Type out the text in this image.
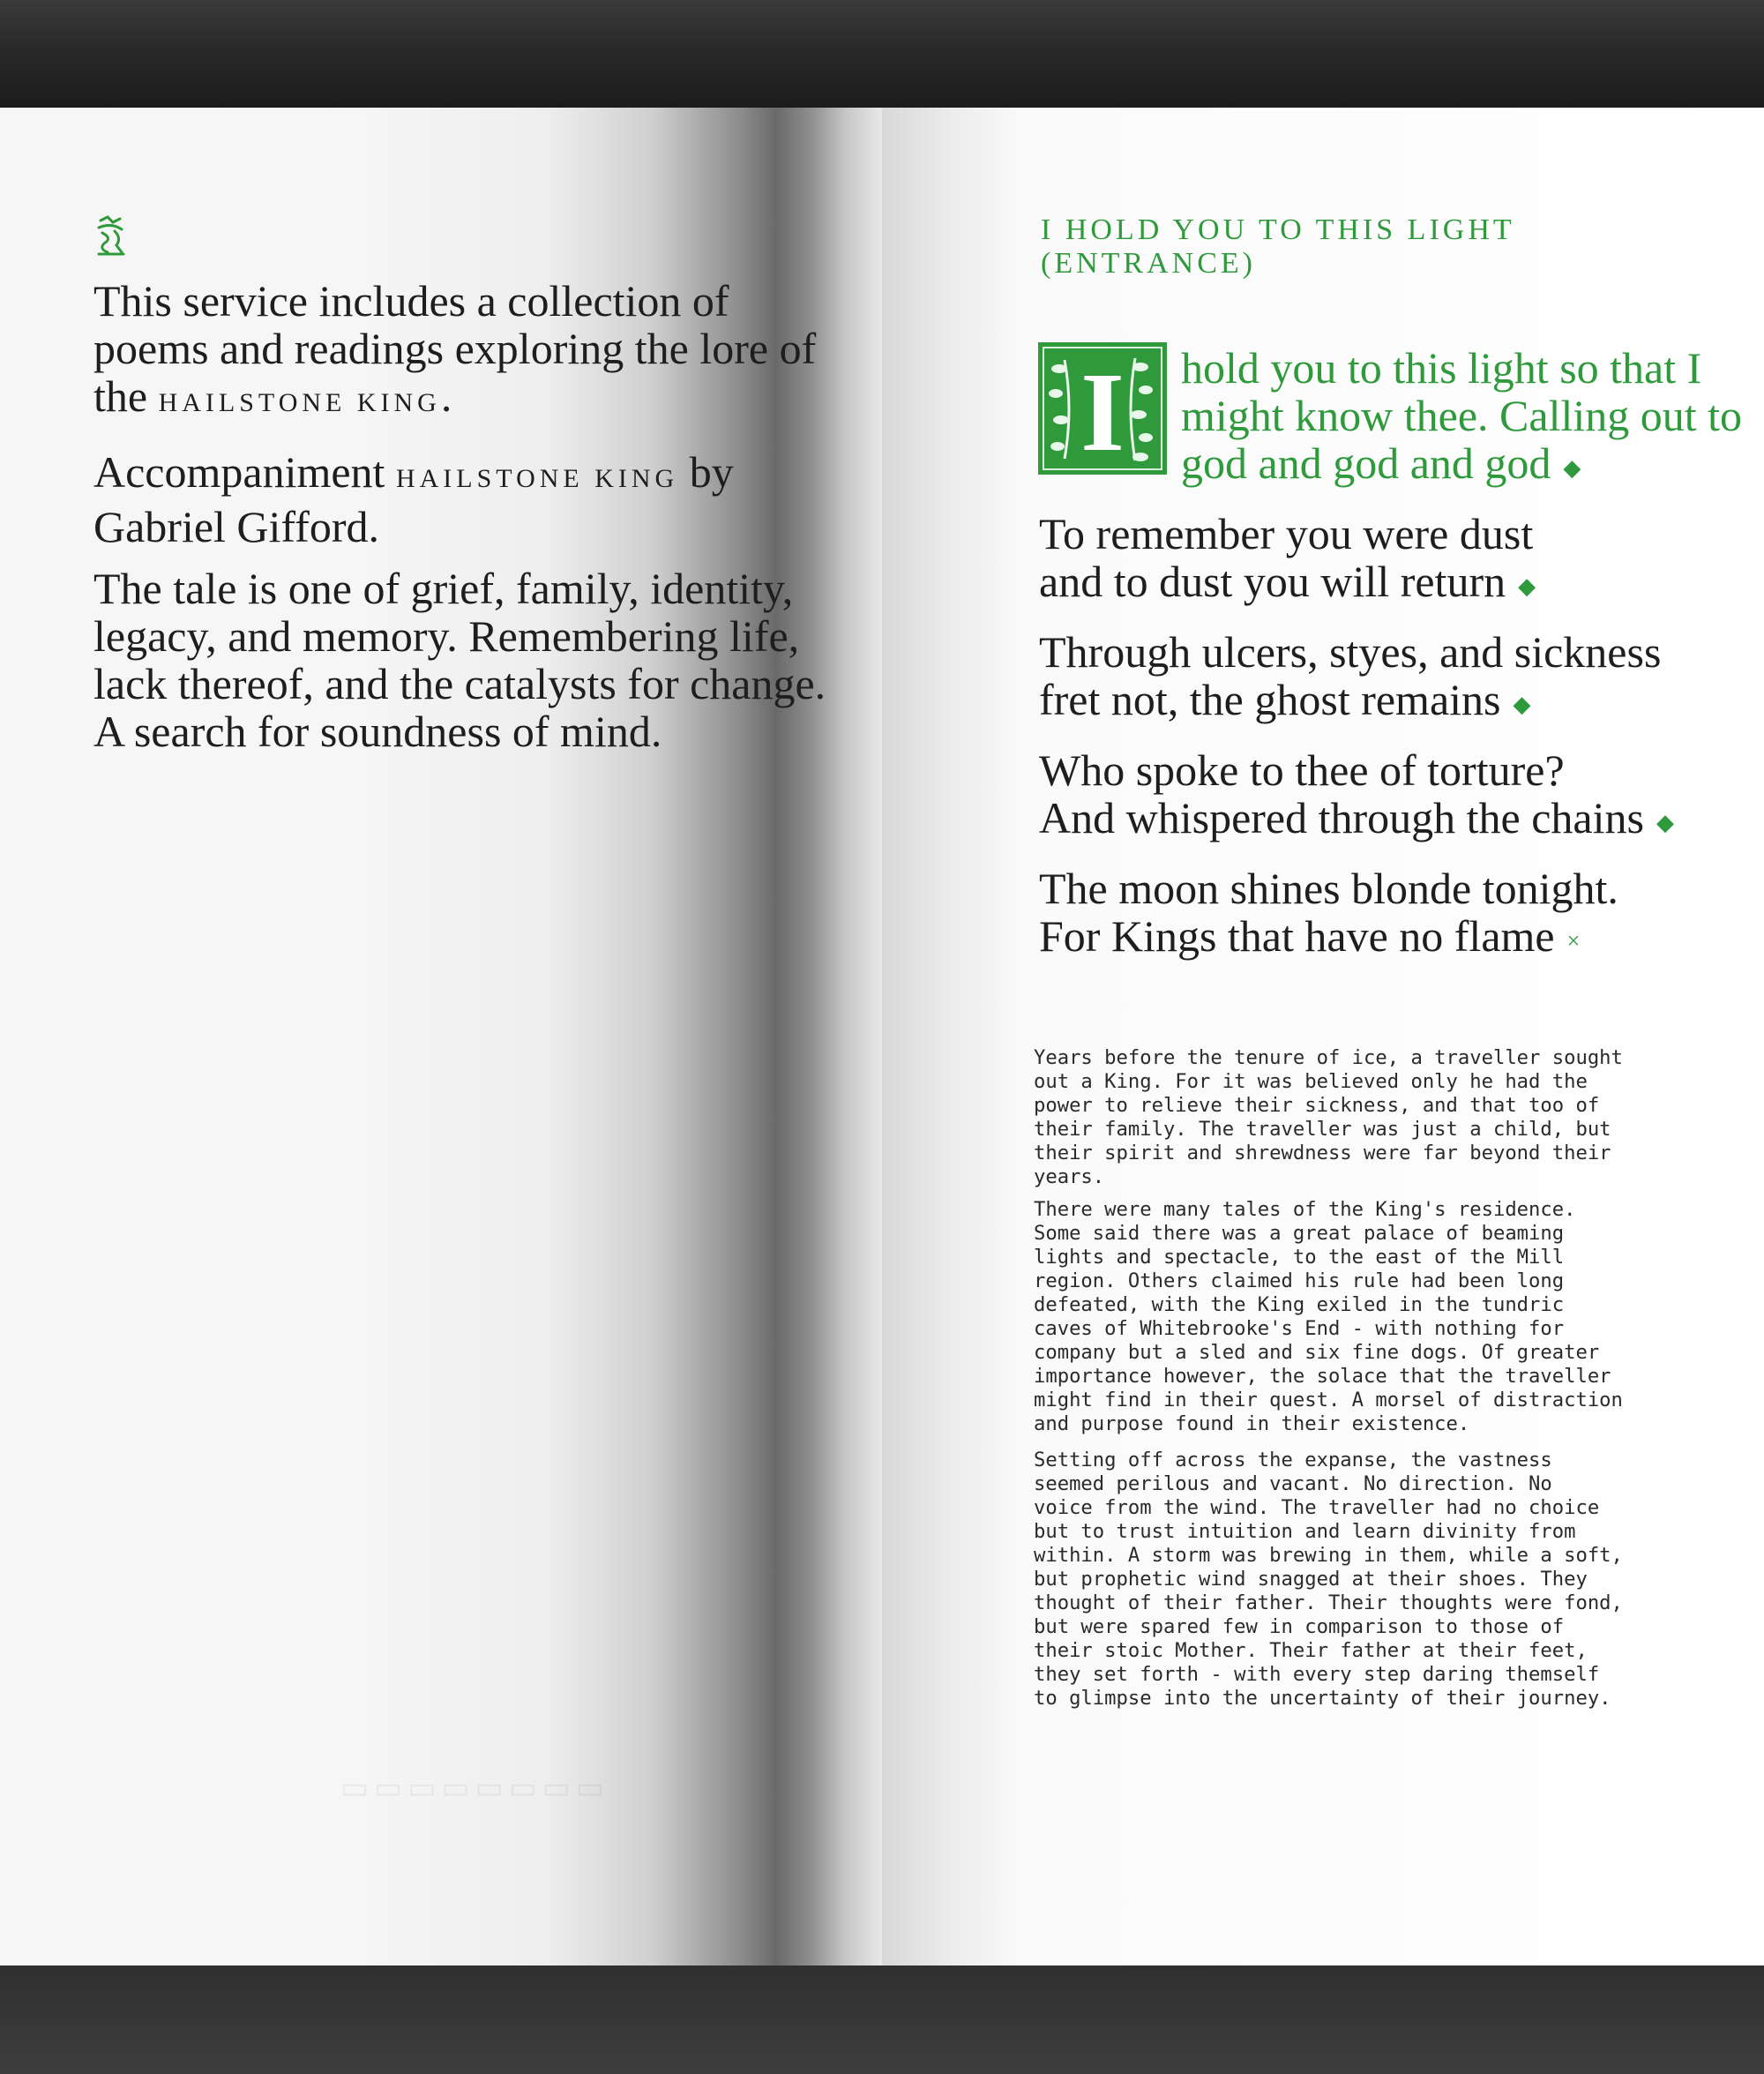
▭▭▭▭▭▭▭▭

This service includes a collection of poems and readings exploring the lore of the HAILSTONE KING.

Accompaniment HAILSTONE KING by Gabriel Gifford.

The tale is one of grief, family, identity, legacy, and memory. Remembering life, lack thereof, and the catalysts for change. A search for soundness of mind.

I HOLD YOU TO THIS LIGHT
(ENTRANCE)
I hold you to this light so that I
might know thee. Calling out to
god and god and god ◆
To remember you were dust
and to dust you will return ◆
Through ulcers, styes, and sickness
fret not, the ghost remains ◆
Who spoke to thee of torture?
And whispered through the chains ◆
The moon shines blonde tonight.
For Kings that have no flame ×

Years before the tenure of ice, a traveller sought
out a King. For it was believed only he had the
power to relieve their sickness, and that too of
their family. The traveller was just a child, but
their spirit and shrewdness were far beyond their
years.

There were many tales of the King's residence.
Some said there was a great palace of beaming
lights and spectacle, to the east of the Mill
region. Others claimed his rule had been long
defeated, with the King exiled in the tundric
caves of Whitebrooke's End - with nothing for
company but a sled and six fine dogs. Of greater
importance however, the solace that the traveller
might find in their quest. A morsel of distraction
and purpose found in their existence.

Setting off across the expanse, the vastness
seemed perilous and vacant. No direction. No
voice from the wind. The traveller had no choice
but to trust intuition and learn divinity from
within. A storm was brewing in them, while a soft,
but prophetic wind snagged at their shoes. They
thought of their father. Their thoughts were fond,
but were spared few in comparison to those of
their stoic Mother. Their father at their feet,
they set forth - with every step daring themself
to glimpse into the uncertainty of their journey.
